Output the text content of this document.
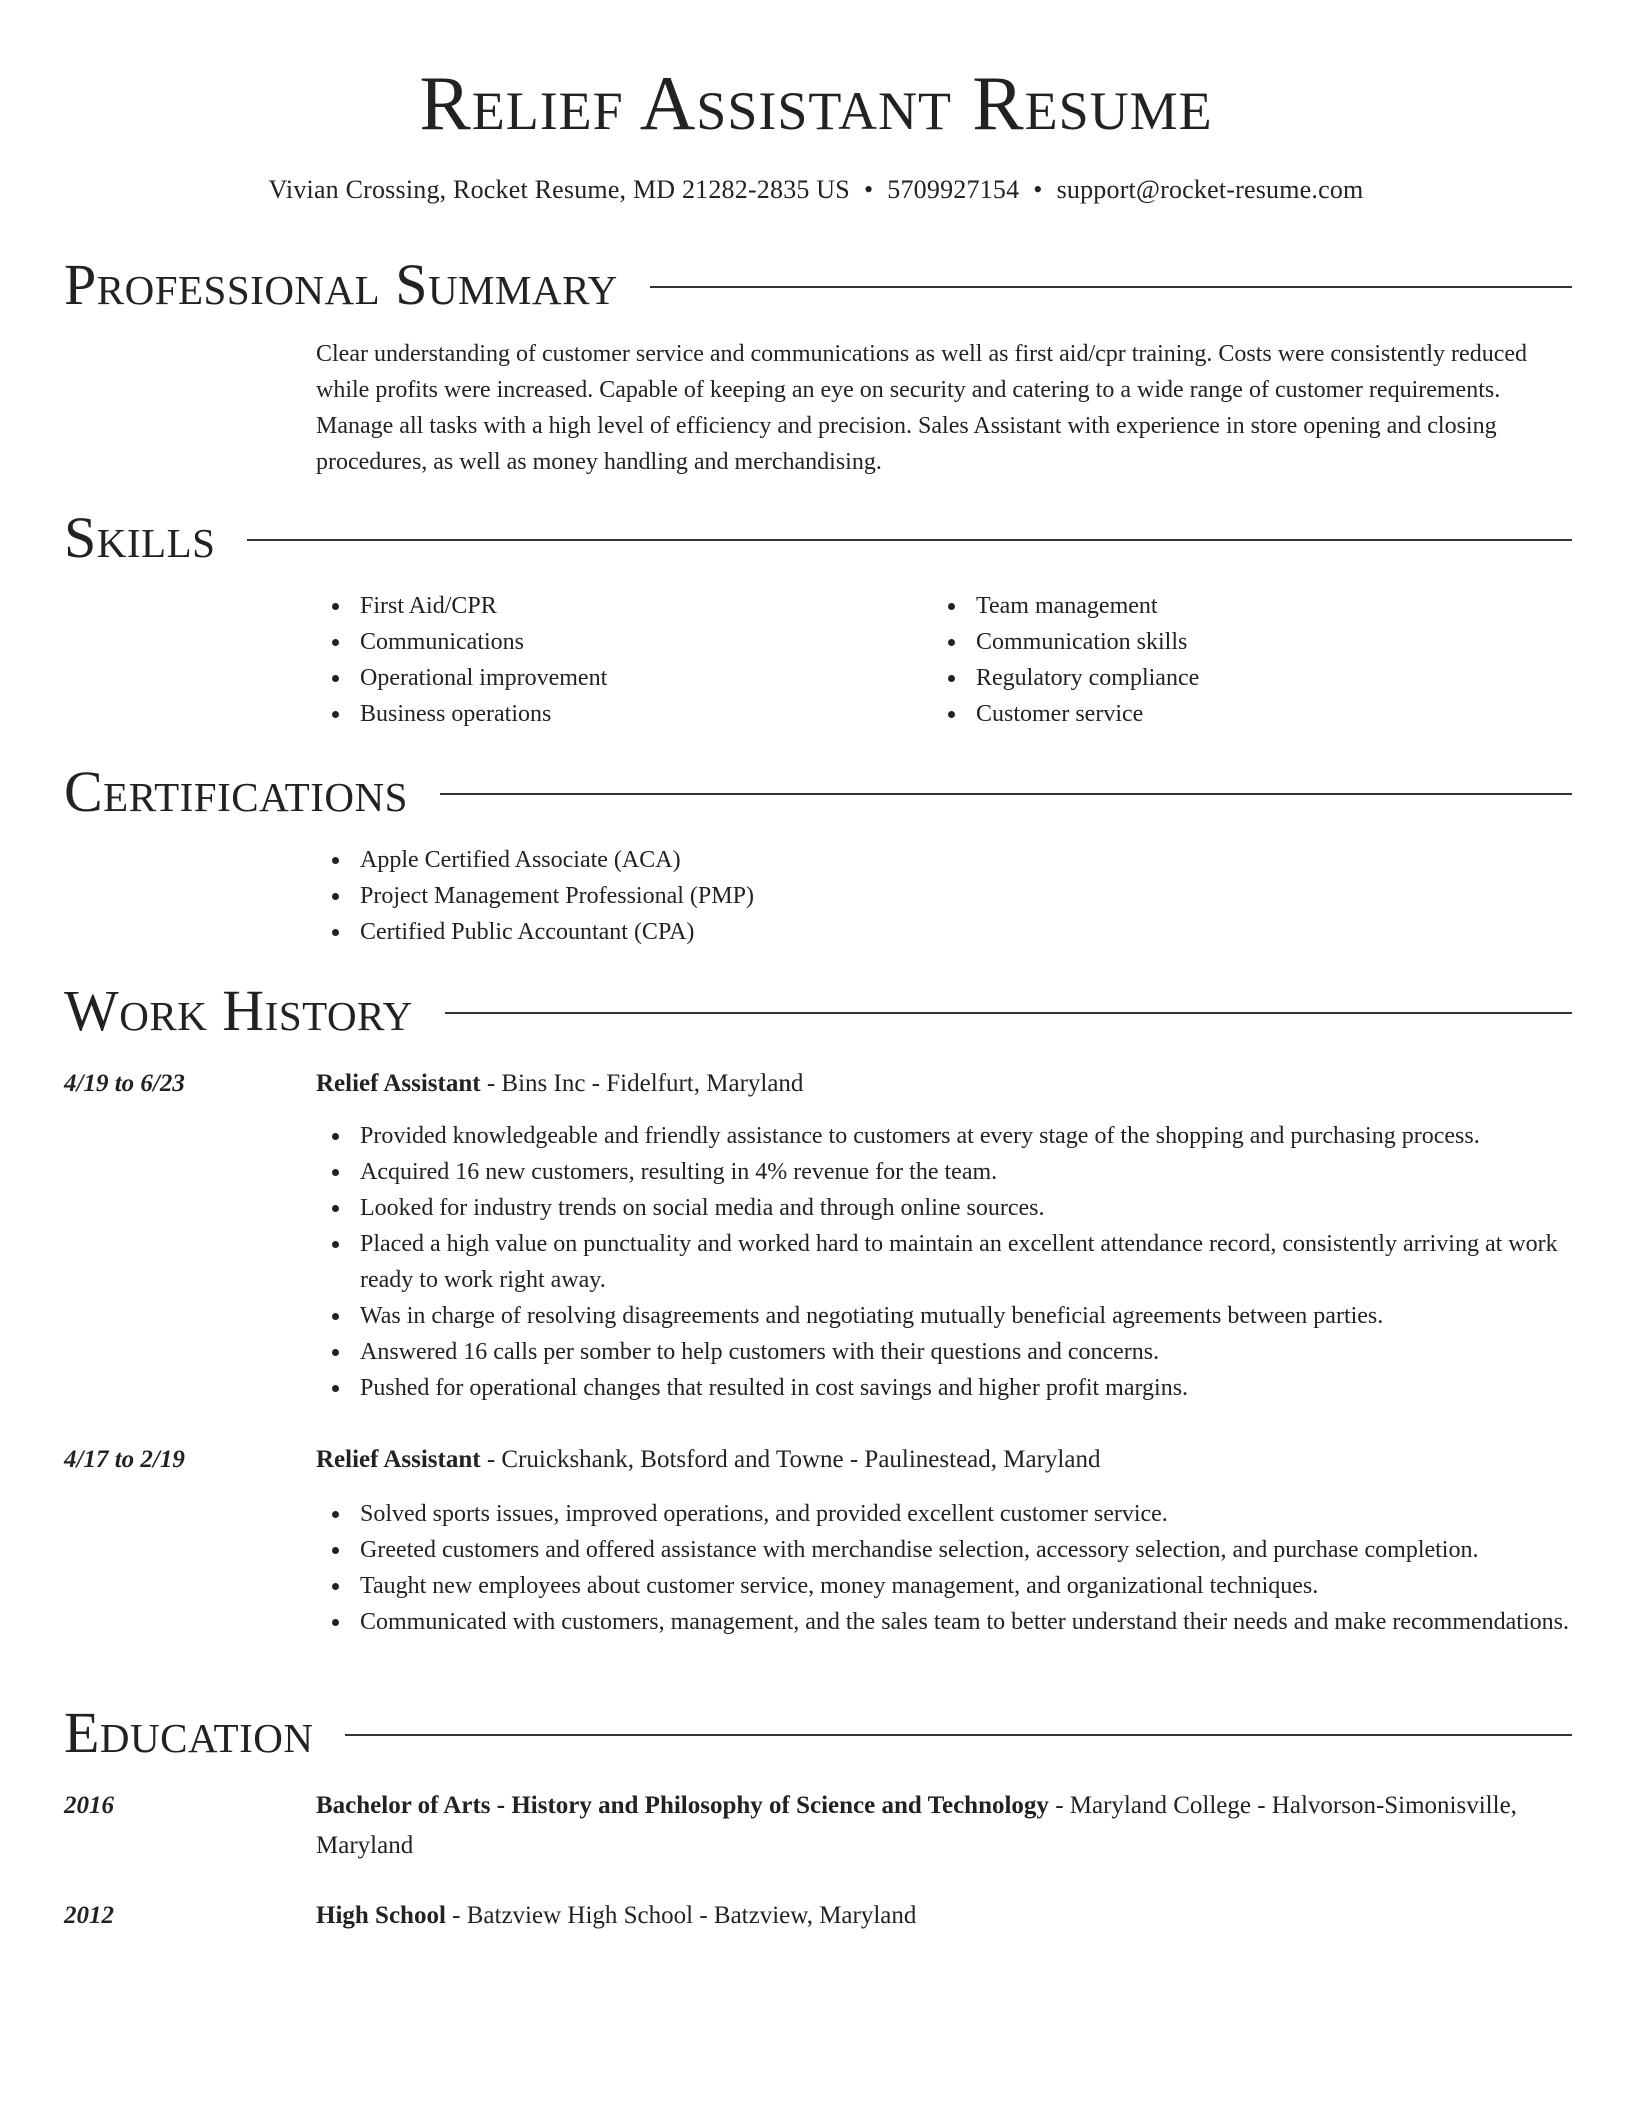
Relief Assistant Resume
Vivian Crossing, Rocket Resume, MD 21282-2835 US • 5709927154 • support@rocket-resume.com
Professional Summary

Clear understanding of customer service and communications as well as first aid/cpr training. Costs were consistently reduced while profits were increased. Capable of keeping an eye on security and catering to a wide range of customer requirements. Manage all tasks with a high level of efficiency and precision. Sales Assistant with experience in store opening and closing procedures, as well as money handling and merchandising.

Skills
First Aid/CPR
Communications
Operational improvement
Business operations
Team management
Communication skills
Regulatory compliance
Customer service
Certifications
Apple Certified Associate (ACA)
Project Management Professional (PMP)
Certified Public Accountant (CPA)
Work History
4/19 to 6/23	Relief Assistant - Bins Inc - Fidelfurt, Maryland
Provided knowledgeable and friendly assistance to customers at every stage of the shopping and purchasing process.
Acquired 16 new customers, resulting in 4% revenue for the team.
Looked for industry trends on social media and through online sources.
Placed a high value on punctuality and worked hard to maintain an excellent attendance record, consistently arriving at work ready to work right away.
Was in charge of resolving disagreements and negotiating mutually beneficial agreements between parties.
Answered 16 calls per somber to help customers with their questions and concerns.
Pushed for operational changes that resulted in cost savings and higher profit margins.
4/17 to 2/19	Relief Assistant - Cruickshank, Botsford and Towne - Paulinestead, Maryland
Solved sports issues, improved operations, and provided excellent customer service.
Greeted customers and offered assistance with merchandise selection, accessory selection, and purchase completion.
Taught new employees about customer service, money management, and organizational techniques.
Communicated with customers, management, and the sales team to better understand their needs and make recommendations.
Education
2016	Bachelor of Arts - History and Philosophy of Science and Technology - Maryland College - Halvorson-Simonisville, Maryland
2012	High School - Batzview High School - Batzview, Maryland
